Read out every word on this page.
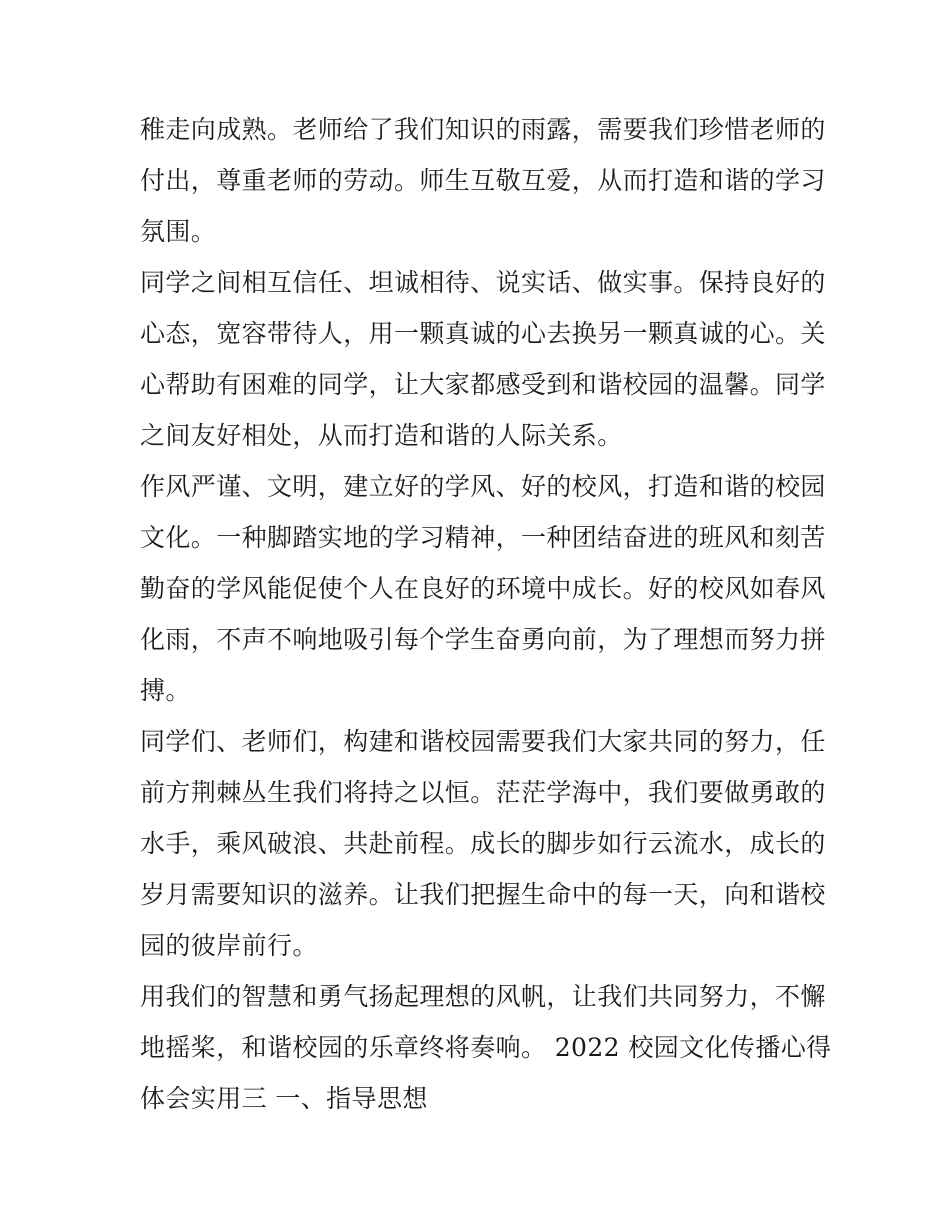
稚走向成熟。老师给了我们知识的雨露，需要我们珍惜老师的
付出，尊重老师的劳动。师生互敬互爱，从而打造和谐的学习
氛围。
同学之间相互信任、坦诚相待、说实话、做实事。保持良好的
心态，宽容带待人，用一颗真诚的心去换另一颗真诚的心。关
心帮助有困难的同学，让大家都感受到和谐校园的温馨。同学
之间友好相处，从而打造和谐的人际关系。
作风严谨、文明，建立好的学风、好的校风，打造和谐的校园
文化。一种脚踏实地的学习精神，一种团结奋进的班风和刻苦
勤奋的学风能促使个人在良好的环境中成长。好的校风如春风
化雨，不声不响地吸引每个学生奋勇向前，为了理想而努力拼
搏。
同学们、老师们，构建和谐校园需要我们大家共同的努力，任
前方荆棘丛生我们将持之以恒。茫茫学海中，我们要做勇敢的
水手，乘风破浪、共赴前程。成长的脚步如行云流水，成长的
岁月需要知识的滋养。让我们把握生命中的每一天，向和谐校
园的彼岸前行。
用我们的智慧和勇气扬起理想的风帆，让我们共同努力，不懈
地摇桨，和谐校园的乐章终将奏响。 2022 校园文化传播心得
体会实用三 一、指导思想
